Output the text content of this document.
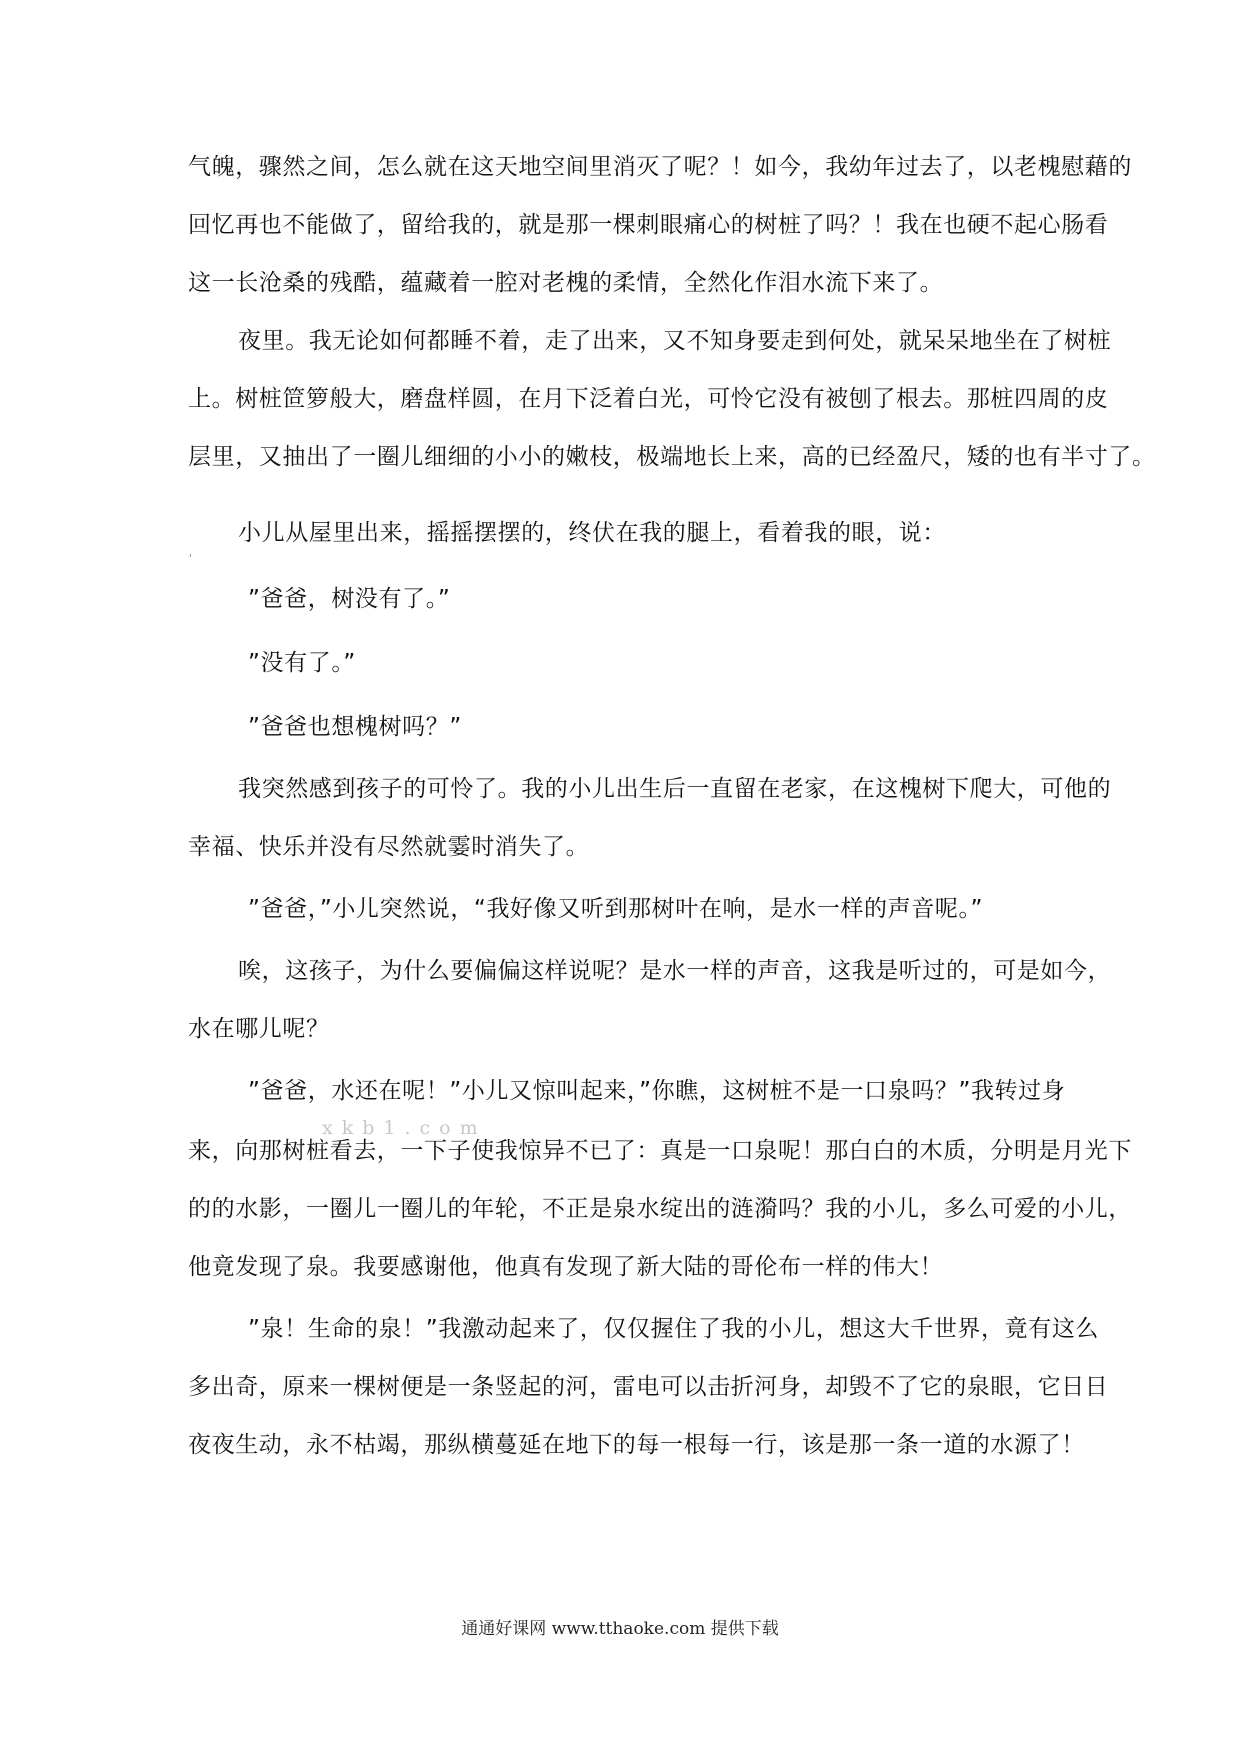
气魄，骤然之间，怎么就在这天地空间里消灭了呢？！如今，我幼年过去了，以老槐慰藉的
回忆再也不能做了，留给我的，就是那一棵刺眼痛心的树桩了吗？！我在也硬不起心肠看
这一长沧桑的残酷，蕴藏着一腔对老槐的柔情，全然化作泪水流下来了。
夜里。我无论如何都睡不着，走了出来，又不知身要走到何处，就呆呆地坐在了树桩
上。树桩笸箩般大，磨盘样圆，在月下泛着白光，可怜它没有被刨了根去。那桩四周的皮
层里，又抽出了一圈儿细细的小小的嫩枝，极端地长上来，高的已经盈尺，矮的也有半寸了。
'
小儿从屋里出来，摇摇摆摆的，终伏在我的腿上，看着我的眼，说：
”爸爸，树没有了。”
”没有了。”
”爸爸也想槐树吗？”
我突然感到孩子的可怜了。我的小儿出生后一直留在老家，在这槐树下爬大，可他的
幸福、快乐并没有尽然就霎时消失了。
”爸爸，”小儿突然说，“我好像又听到那树叶在响，是水一样的声音呢。”
唉，这孩子，为什么要偏偏这样说呢？是水一样的声音，这我是听过的，可是如今，
水在哪儿呢？
xkb1.com
”爸爸，水还在呢！”小儿又惊叫起来，”你瞧，这树桩不是一口泉吗？”我转过身
来，向那树桩看去，一下子使我惊异不已了：真是一口泉呢！那白白的木质，分明是月光下
的的水影，一圈儿一圈儿的年轮，不正是泉水绽出的涟漪吗？我的小儿，多么可爱的小儿，
他竟发现了泉。我要感谢他，他真有发现了新大陆的哥伦布一样的伟大！
”泉！生命的泉！”我激动起来了，仅仅握住了我的小儿，想这大千世界，竟有这么
多出奇，原来一棵树便是一条竖起的河，雷电可以击折河身，却毁不了它的泉眼，它日日
夜夜生动，永不枯竭，那纵横蔓延在地下的每一根每一行，该是那一条一道的水源了！
通通好课网 www.tthaoke.com 提供下载
